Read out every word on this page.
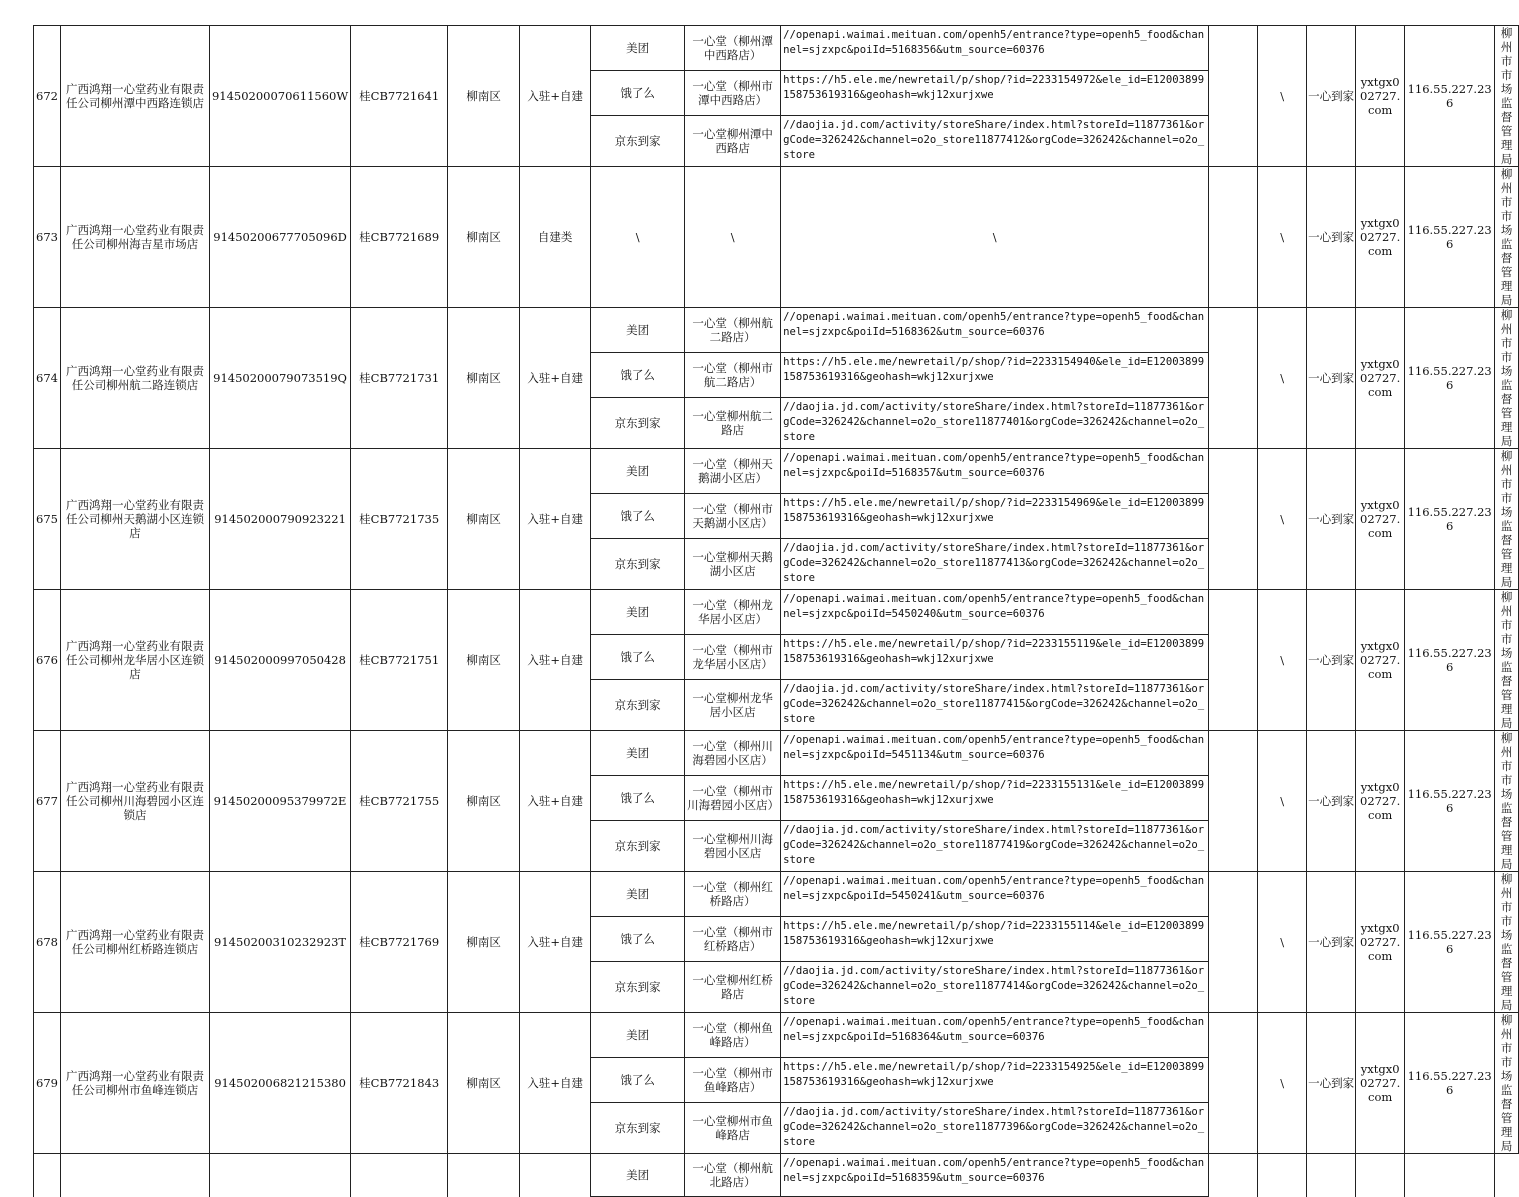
672	广西鸿翔一心堂药业有限责任公司柳州潭中西路连锁店	91450200070611560W	桂CB7721641	柳南区	入驻+自建	美团	一心堂（柳州潭中西路店）	//openapi.waimai.meituan.com/openh5/entrance?type=openh5_food&channel=sjzxpc&poiId=5168356&utm_source=60376		\	一心到家	yxtgx002727.com	116.55.227.236	柳州市市场监督管理局
						饿了么	一心堂（柳州市潭中西路店）	https://h5.ele.me/newretail/p/shop/?id=2233154972&ele_id=E12003899158753619316&geohash=wkj12xurjxwe						
						京东到家	一心堂柳州潭中西路店	//daojia.jd.com/activity/storeShare/index.html?storeId=11877361&orgCode=326242&channel=o2o_store11877412&orgCode=326242&channel=o2o_store						
673	广西鸿翔一心堂药业有限责任公司柳州海吉星市场店	91450200677705096D	桂CB7721689	柳南区	自建类	\	\	\		\	一心到家	yxtgx002727.com	116.55.227.236	柳州市市场监督管理局
674	广西鸿翔一心堂药业有限责任公司柳州航二路连锁店	91450200079073519Q	桂CB7721731	柳南区	入驻+自建	美团	一心堂（柳州航二路店）	//openapi.waimai.meituan.com/openh5/entrance?type=openh5_food&channel=sjzxpc&poiId=5168362&utm_source=60376		\	一心到家	yxtgx002727.com	116.55.227.236	柳州市市场监督管理局
						饿了么	一心堂（柳州市航二路店）	https://h5.ele.me/newretail/p/shop/?id=2233154940&ele_id=E12003899158753619316&geohash=wkj12xurjxwe						
						京东到家	一心堂柳州航二路店	//daojia.jd.com/activity/storeShare/index.html?storeId=11877361&orgCode=326242&channel=o2o_store11877401&orgCode=326242&channel=o2o_store						
675	广西鸿翔一心堂药业有限责任公司柳州天鹅湖小区连锁店	914502000790923221	桂CB7721735	柳南区	入驻+自建	美团	一心堂（柳州天鹅湖小区店）	//openapi.waimai.meituan.com/openh5/entrance?type=openh5_food&channel=sjzxpc&poiId=5168357&utm_source=60376		\	一心到家	yxtgx002727.com	116.55.227.236	柳州市市场监督管理局
						饿了么	一心堂（柳州市天鹅湖小区店）	https://h5.ele.me/newretail/p/shop/?id=2233154969&ele_id=E12003899158753619316&geohash=wkj12xurjxwe						
						京东到家	一心堂柳州天鹅湖小区店	//daojia.jd.com/activity/storeShare/index.html?storeId=11877361&orgCode=326242&channel=o2o_store11877413&orgCode=326242&channel=o2o_store						
676	广西鸿翔一心堂药业有限责任公司柳州龙华居小区连锁店	914502000997050428	桂CB7721751	柳南区	入驻+自建	美团	一心堂（柳州龙华居小区店）	//openapi.waimai.meituan.com/openh5/entrance?type=openh5_food&channel=sjzxpc&poiId=5450240&utm_source=60376		\	一心到家	yxtgx002727.com	116.55.227.236	柳州市市场监督管理局
						饿了么	一心堂（柳州市龙华居小区店）	https://h5.ele.me/newretail/p/shop/?id=2233155119&ele_id=E12003899158753619316&geohash=wkj12xurjxwe						
						京东到家	一心堂柳州龙华居小区店	//daojia.jd.com/activity/storeShare/index.html?storeId=11877361&orgCode=326242&channel=o2o_store11877415&orgCode=326242&channel=o2o_store						
677	广西鸿翔一心堂药业有限责任公司柳州川海碧园小区连锁店	91450200095379972E	桂CB7721755	柳南区	入驻+自建	美团	一心堂（柳州川海碧园小区店）	//openapi.waimai.meituan.com/openh5/entrance?type=openh5_food&channel=sjzxpc&poiId=5451134&utm_source=60376		\	一心到家	yxtgx002727.com	116.55.227.236	柳州市市场监督管理局
						饿了么	一心堂（柳州市川海碧园小区店）	https://h5.ele.me/newretail/p/shop/?id=2233155131&ele_id=E12003899158753619316&geohash=wkj12xurjxwe						
						京东到家	一心堂柳州川海碧园小区店	//daojia.jd.com/activity/storeShare/index.html?storeId=11877361&orgCode=326242&channel=o2o_store11877419&orgCode=326242&channel=o2o_store						
678	广西鸿翔一心堂药业有限责任公司柳州红桥路连锁店	91450200310232923T	桂CB7721769	柳南区	入驻+自建	美团	一心堂（柳州红桥路店）	//openapi.waimai.meituan.com/openh5/entrance?type=openh5_food&channel=sjzxpc&poiId=5450241&utm_source=60376		\	一心到家	yxtgx002727.com	116.55.227.236	柳州市市场监督管理局
						饿了么	一心堂（柳州市红桥路店）	https://h5.ele.me/newretail/p/shop/?id=2233155114&ele_id=E12003899158753619316&geohash=wkj12xurjxwe						
						京东到家	一心堂柳州红桥路店	//daojia.jd.com/activity/storeShare/index.html?storeId=11877361&orgCode=326242&channel=o2o_store11877414&orgCode=326242&channel=o2o_store						
679	广西鸿翔一心堂药业有限责任公司柳州市鱼峰连锁店	914502006821215380	桂CB7721843	柳南区	入驻+自建	美团	一心堂（柳州鱼峰路店）	//openapi.waimai.meituan.com/openh5/entrance?type=openh5_food&channel=sjzxpc&poiId=5168364&utm_source=60376		\	一心到家	yxtgx002727.com	116.55.227.236	柳州市市场监督管理局
						饿了么	一心堂（柳州市鱼峰路店）	https://h5.ele.me/newretail/p/shop/?id=2233154925&ele_id=E12003899158753619316&geohash=wkj12xurjxwe						
						京东到家	一心堂柳州市鱼峰路店	//daojia.jd.com/activity/storeShare/index.html?storeId=11877361&orgCode=326242&channel=o2o_store11877396&orgCode=326242&channel=o2o_store						
						美团	一心堂（柳州航北路店）	//openapi.waimai.meituan.com/openh5/entrance?type=openh5_food&channel=sjzxpc&poiId=5168359&utm_source=60376						
